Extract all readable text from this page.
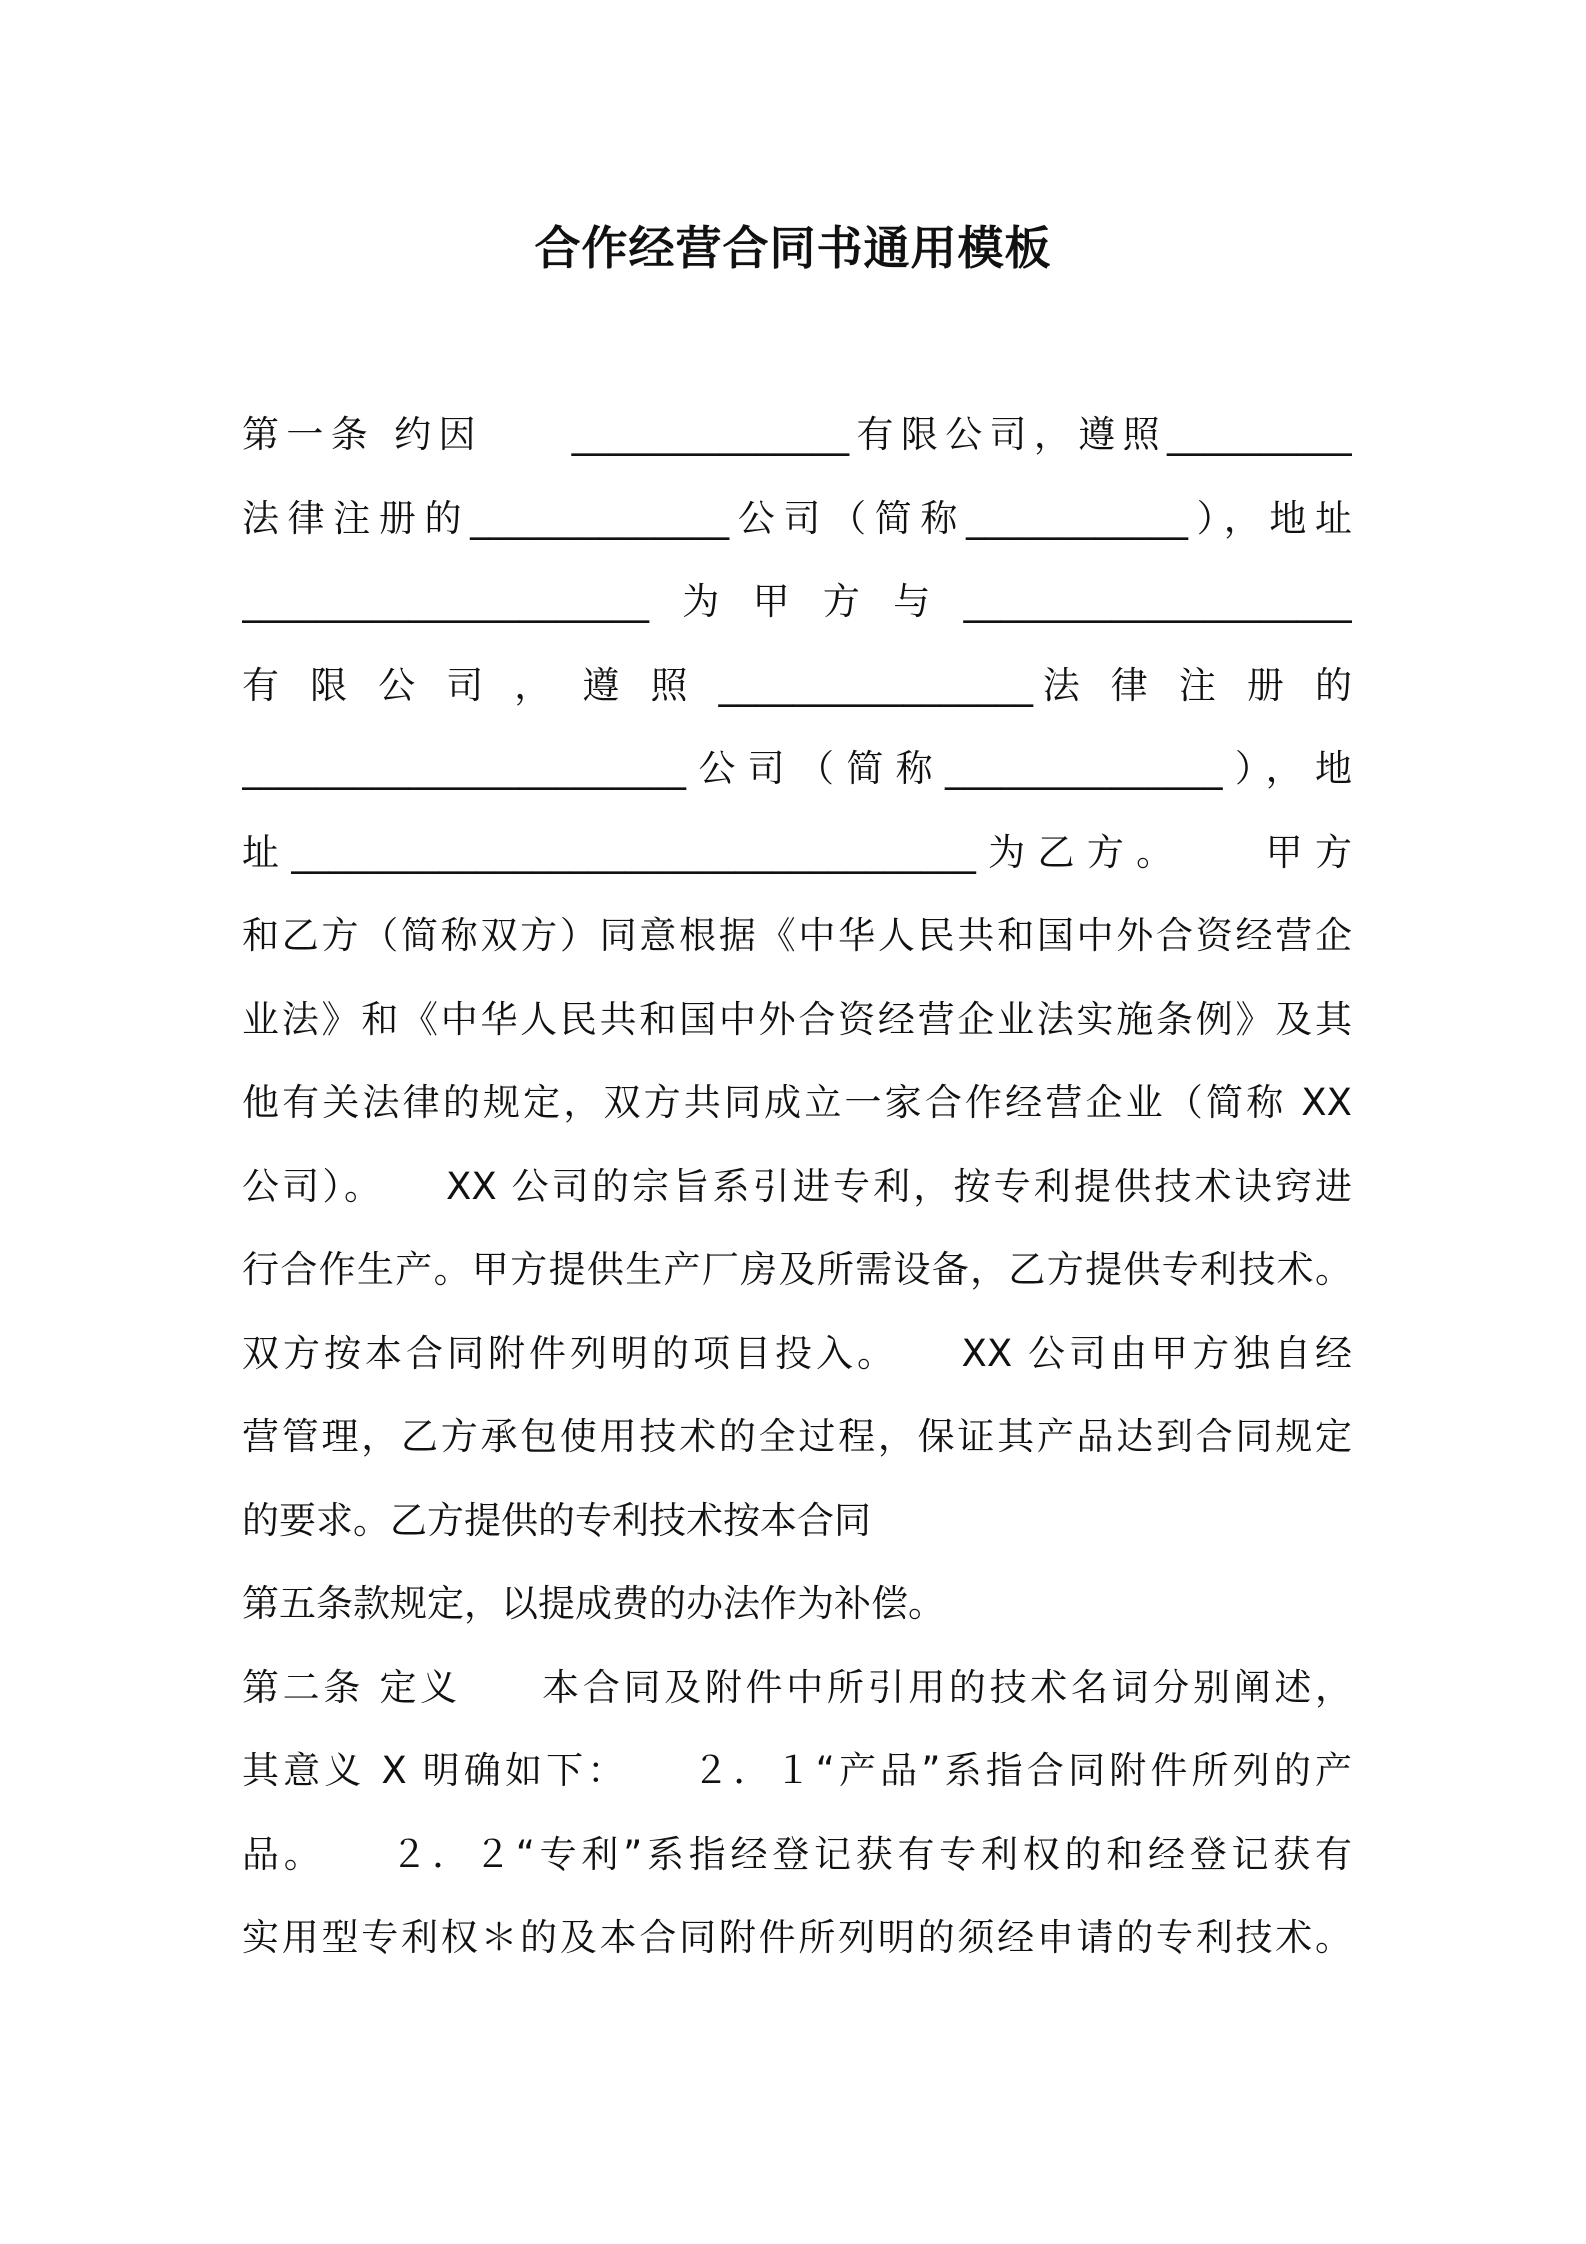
合作经营合同书通用模板
第一条 约因　　_______________有限公司，遵照__________
法律注册的______________公司（简称____________），地址
______________________为甲方与_____________________
有 限 公 司 ， 遵 照 _________________法 律 注 册 的
________________________公司（简称_______________），地
址_____________________________________为乙方。　　甲方
和乙方（简称双方）同意根据《中华人民共和国中外合资经营企
业法》和《中华人民共和国中外合资经营企业法实施条例》及其
他有关法律的规定，双方共同成立一家合作经营企业（简称 XX
公司）。　　XX 公司的宗旨系引进专利，按专利提供技术诀窍进
行合作生产。甲方提供生产厂房及所需设备，乙方提供专利技术。
双方按本合同附件列明的项目投入。　　XX 公司由甲方独自经
营管理，乙方承包使用技术的全过程，保证其产品达到合同规定
的要求。乙方提供的专利技术按本合同
第五条款规定，以提成费的办法作为补偿。
第二条 定义　　本合同及附件中所引用的技术名词分别阐述，
其意义 X 明确如下：　　２．１“产品”系指合同附件所列的产
品。　　２．２“专利”系指经登记获有专利权的和经登记获有
实用型专利权＊的及本合同附件所列明的须经申请的专利技术。
